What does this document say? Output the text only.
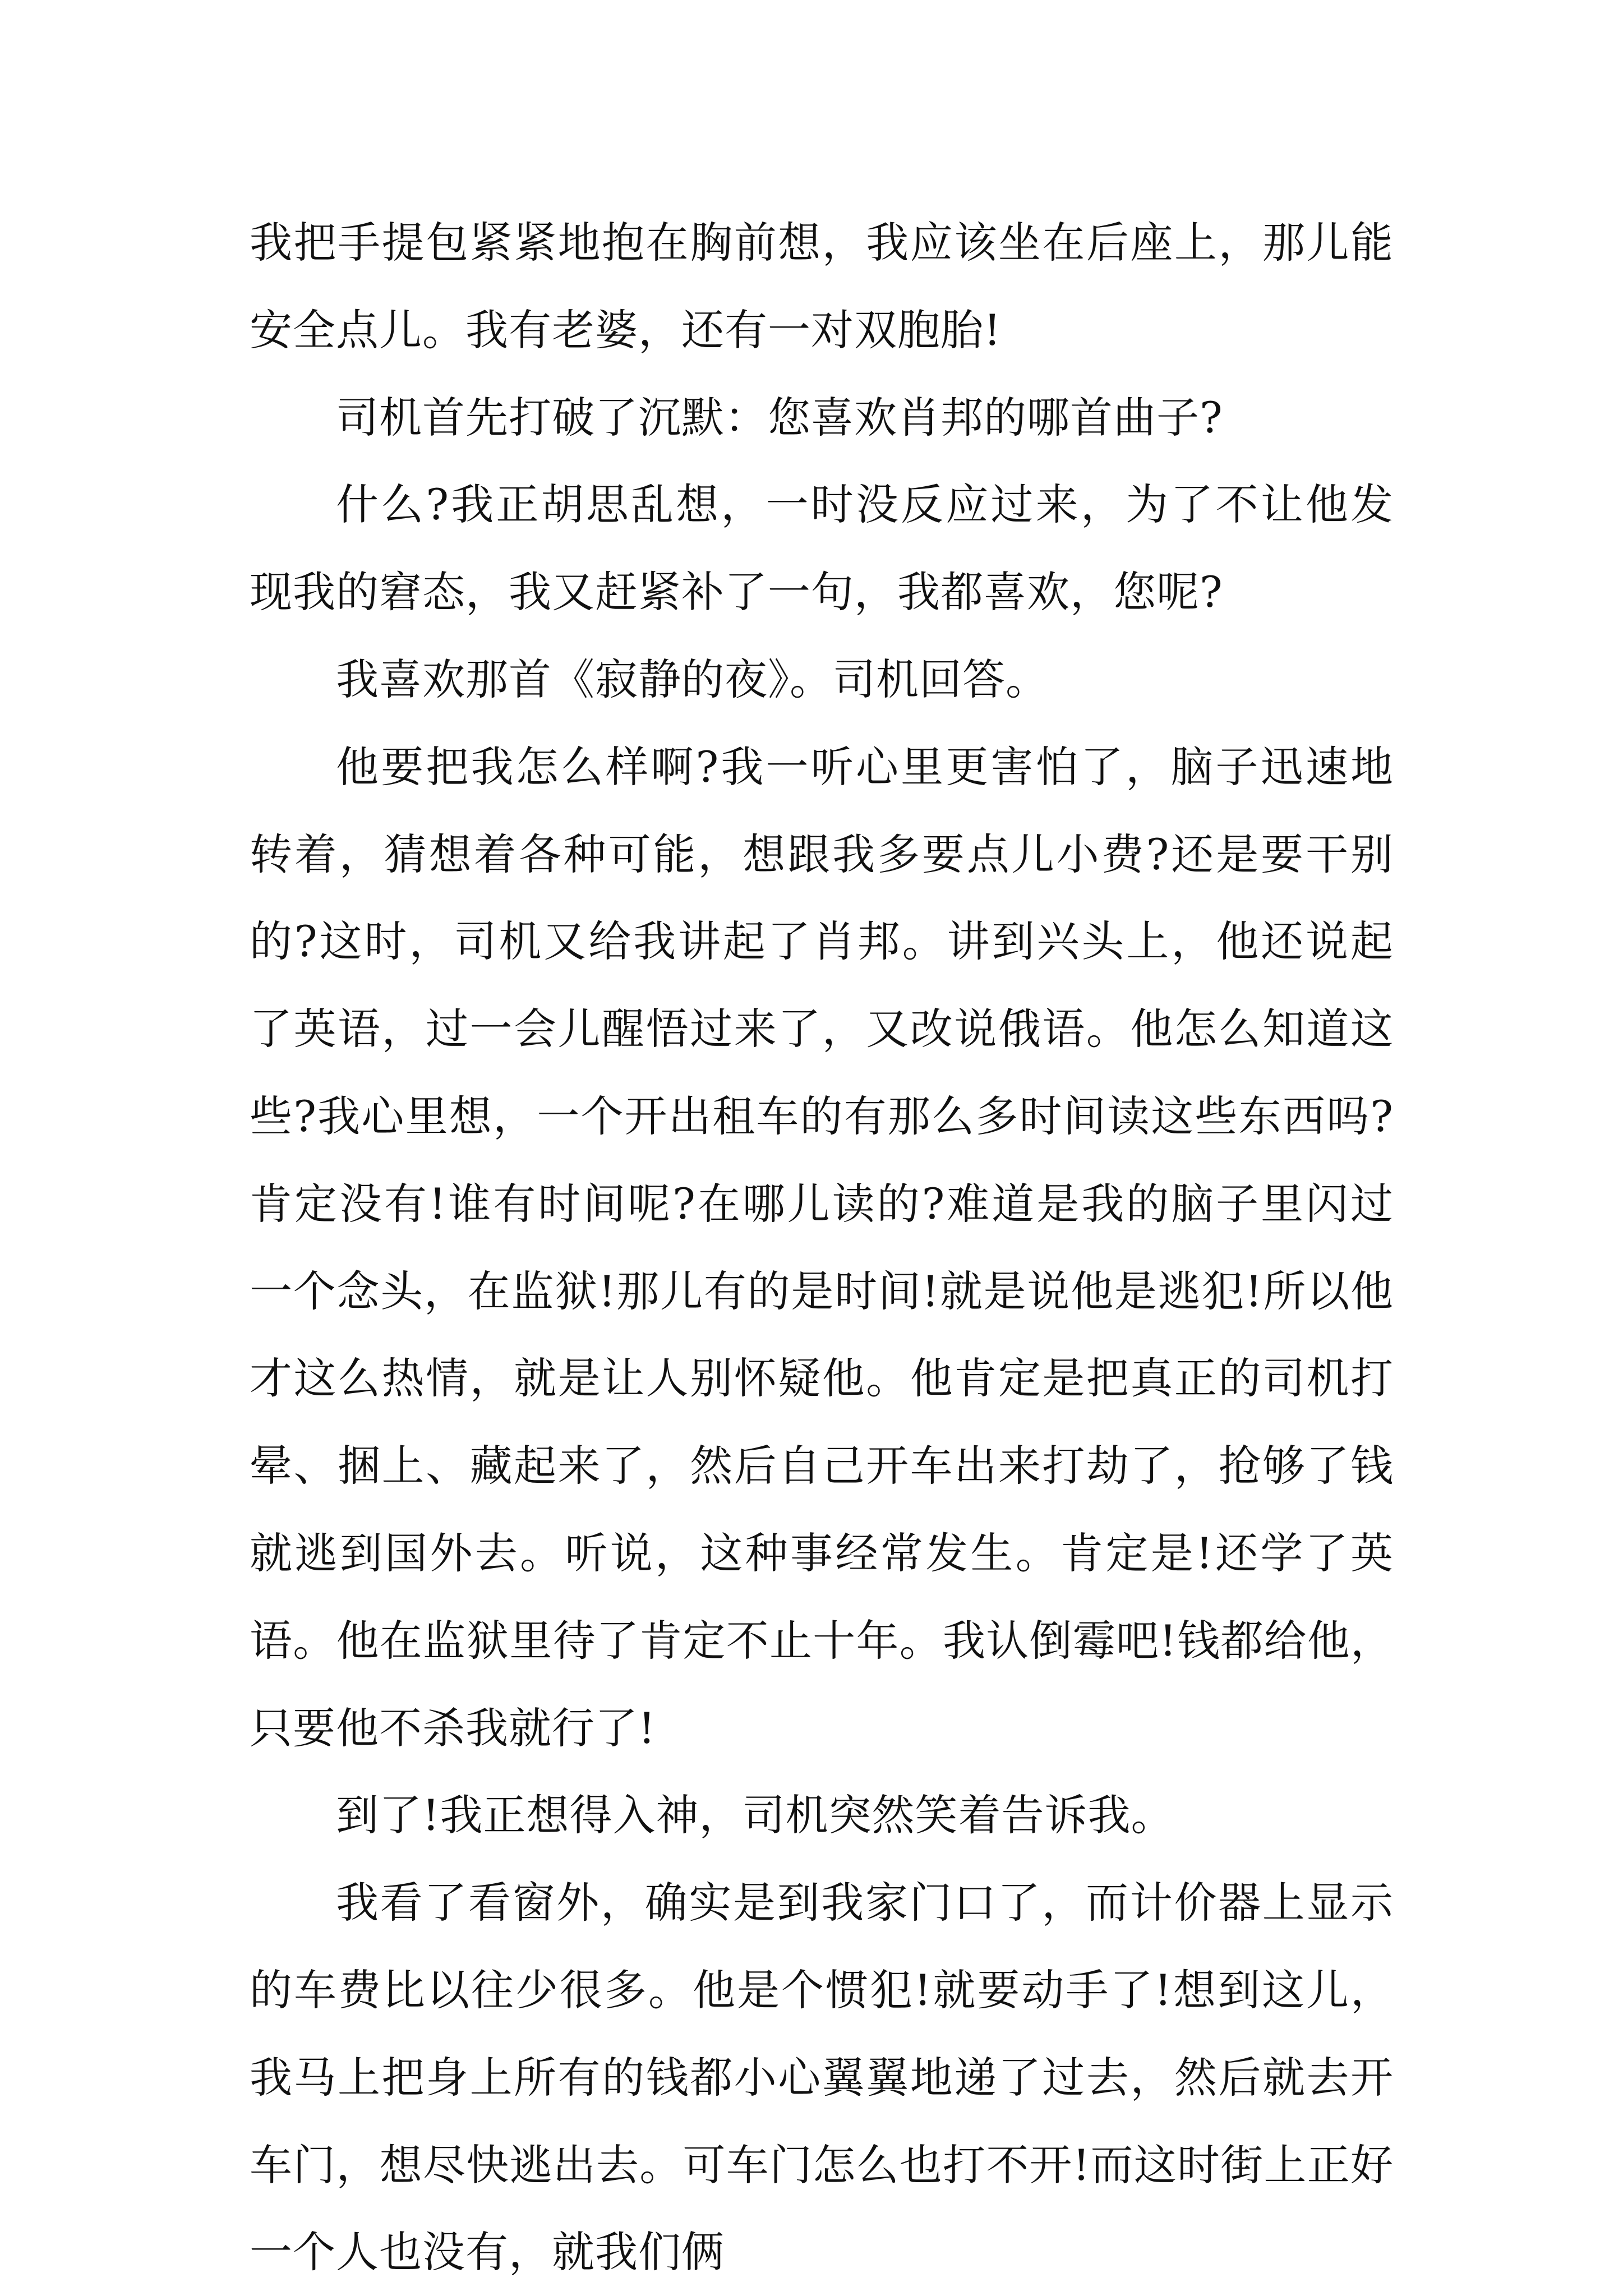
我把手提包紧紧地抱在胸前想，我应该坐在后座上，那儿能安全点儿。我有老婆，还有一对双胞胎!

司机首先打破了沉默：您喜欢肖邦的哪首曲子?

什么?我正胡思乱想，一时没反应过来，为了不让他发现我的窘态，我又赶紧补了一句，我都喜欢，您呢?

我喜欢那首《寂静的夜》。司机回答。

他要把我怎么样啊?我一听心里更害怕了，脑子迅速地转着，猜想着各种可能，想跟我多要点儿小费?还是要干别的?这时，司机又给我讲起了肖邦。讲到兴头上，他还说起了英语，过一会儿醒悟过来了，又改说俄语。他怎么知道这些?我心里想，一个开出租车的有那么多时间读这些东西吗?肯定没有!谁有时间呢?在哪儿读的?难道是我的脑子里闪过一个念头，在监狱!那儿有的是时间!就是说他是逃犯!所以他才这么热情，就是让人别怀疑他。他肯定是把真正的司机打晕、捆上、藏起来了，然后自己开车出来打劫了，抢够了钱就逃到国外去。听说，这种事经常发生。肯定是!还学了英语。他在监狱里待了肯定不止十年。我认倒霉吧!钱都给他，只要他不杀我就行了!

到了!我正想得入神，司机突然笑着告诉我。

我看了看窗外，确实是到我家门口了，而计价器上显示的车费比以往少很多。他是个惯犯!就要动手了!想到这儿，我马上把身上所有的钱都小心翼翼地递了过去，然后就去开车门，想尽快逃出去。可车门怎么也打不开!而这时街上正好一个人也没有，就我们俩
